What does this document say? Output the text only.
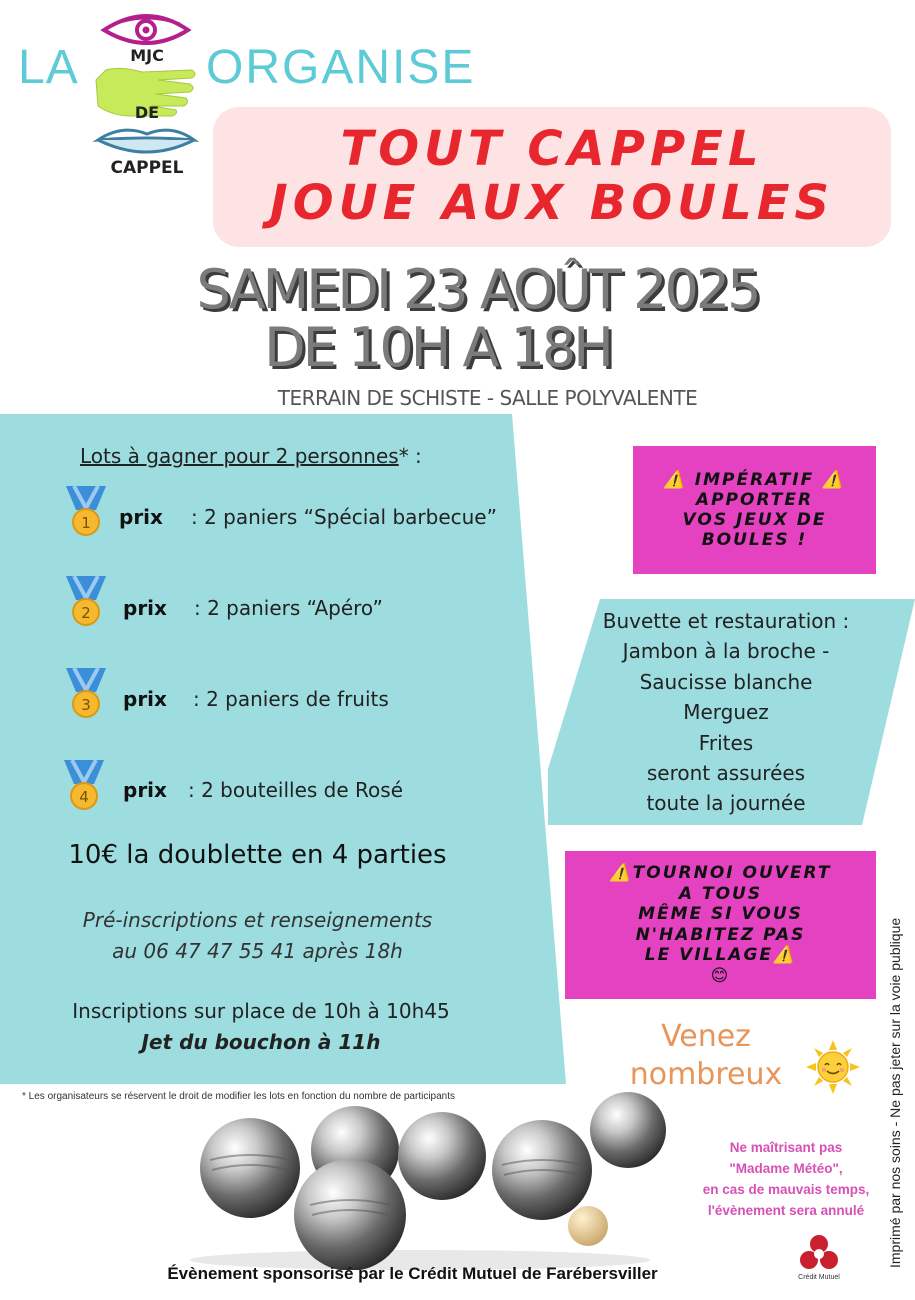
LA	MJC
DE
CAPPEL
ORGANISE
TOUT CAPPEL
JOUE AUX BOULES
SAMEDI 23 AOÛT 2025
DE 10H A 18H
TERRAIN DE SCHISTE - SALLE POLYVALENTE
Lots à gagner pour 2 personnes* :
1 prix : 2 paniers “Spécial barbecue”
2 prix : 2 paniers “Apéro”
3 prix : 2 paniers de fruits
4 prix : 2 bouteilles de Rosé
10€ la doublette en 4 parties
Pré-inscriptions et renseignements
au 06 47 47 55 41 après 18h
Inscriptions sur place de 10h à 10h45
Jet du bouchon à 11h
⚠️ IMPÉRATIF ⚠️
APPORTER
VOS JEUX DE
BOULES !
Buvette et restauration :
Jambon à la broche -
Saucisse blanche
Merguez
Frites
seront assurées
toute la journée
⚠️TOURNOI OUVERT
A TOUS
MÊME SI VOUS
N'HABITEZ PAS
LE VILLAGE⚠️
😊
Venez
nombreux
Ne maîtrisant pas
"Madame Météo",
en cas de mauvais temps,
l'évènement sera annulé	Imprimé par nos soins - Ne pas jeter sur la voie publique
* Les organisateurs se réservent le droit de modifier les lots en fonction du nombre de participants
Évènement sponsorisé par le Crédit Mutuel de Farébersviller	Crédit Mutuel
